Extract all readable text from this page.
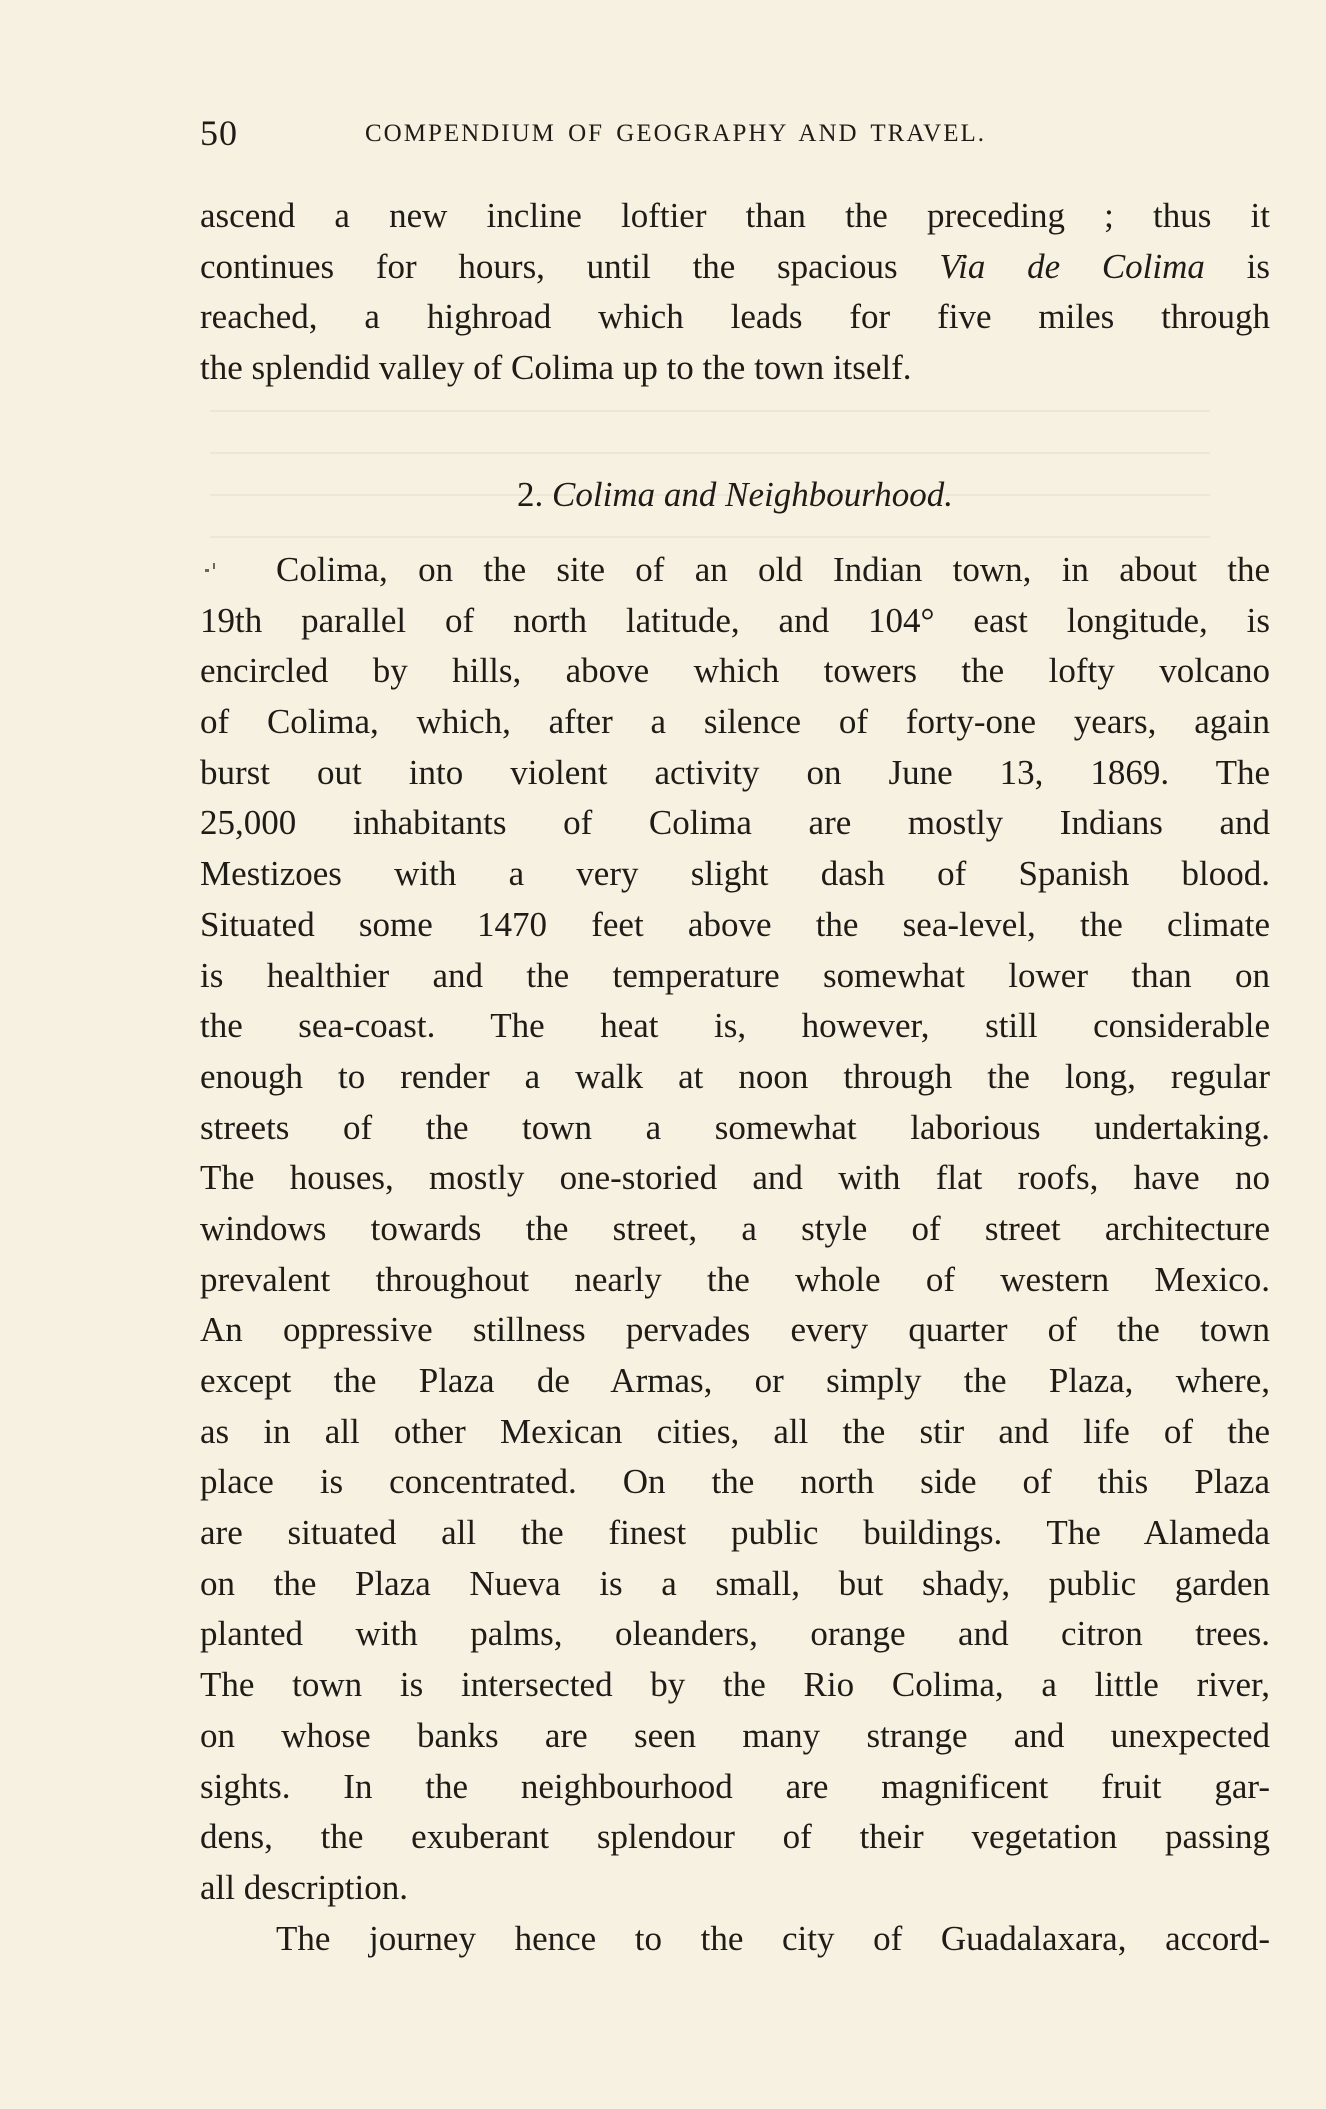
50	COMPENDIUM OF GEOGRAPHY AND TRAVEL.
ascend a new incline loftier than the preceding ; thus it
continues for hours, until the spacious Via de Colima is
reached, a highroad which leads for five miles through
the splendid valley of Colima up to the town itself.
2. Colima and Neighbourhood.
Colima, on the site of an old Indian town, in about the
19th parallel of north latitude, and 104° east longitude, is
encircled by hills, above which towers the lofty volcano
of Colima, which, after a silence of forty-one years, again
burst out into violent activity on June 13, 1869. The
25,000 inhabitants of Colima are mostly Indians and
Mestizoes with a very slight dash of Spanish blood.
Situated some 1470 feet above the sea-level, the climate
is healthier and the temperature somewhat lower than on
the sea-coast. The heat is, however, still considerable
enough to render a walk at noon through the long, regular
streets of the town a somewhat laborious undertaking.
The houses, mostly one-storied and with flat roofs, have no
windows towards the street, a style of street architecture
prevalent throughout nearly the whole of western Mexico.
An oppressive stillness pervades every quarter of the town
except the Plaza de Armas, or simply the Plaza, where,
as in all other Mexican cities, all the stir and life of the
place is concentrated. On the north side of this Plaza
are situated all the finest public buildings. The Alameda
on the Plaza Nueva is a small, but shady, public garden
planted with palms, oleanders, orange and citron trees.
The town is intersected by the Rio Colima, a little river,
on whose banks are seen many strange and unexpected
sights. In the neighbourhood are magnificent fruit gar-
dens, the exuberant splendour of their vegetation passing
all description.
The journey hence to the city of Guadalaxara, accord-
